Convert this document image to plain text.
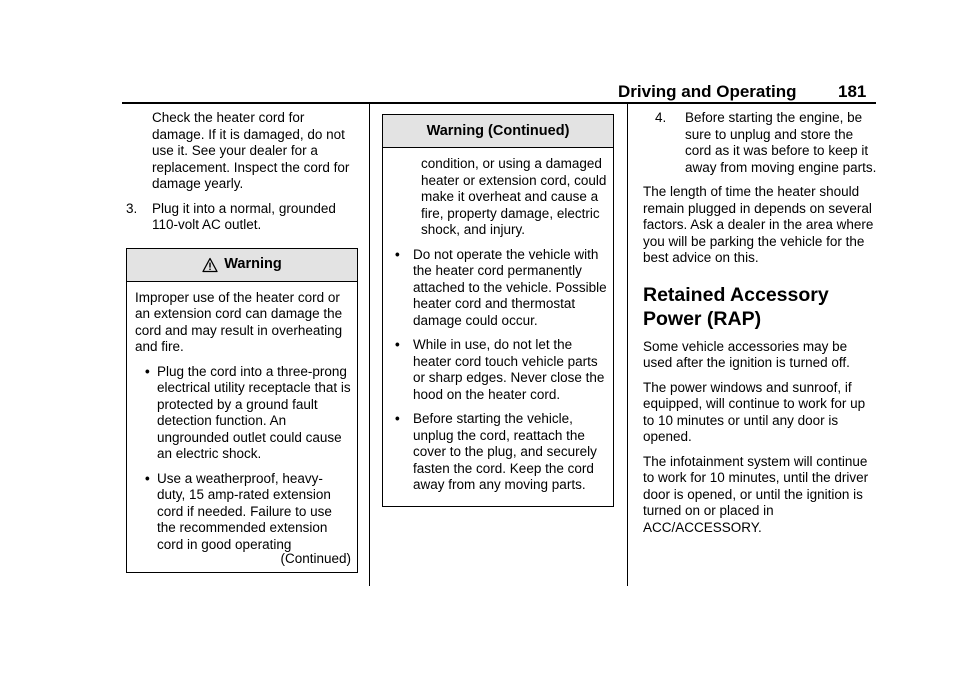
Driving and Operating 181

Check the heater cord for damage. If it is damaged, do not use it. See your dealer for a replacement. Inspect the cord for damage yearly.

3.	Plug it into a normal, grounded 110-volt AC outlet.
Warning

Improper use of the heater cord or an extension cord can damage the cord and may result in overheating and fire.

• Plug the cord into a three-prong electrical utility receptacle that is protected by a ground fault detection function. An ungrounded outlet could cause an electric shock.
• Use a weatherproof, heavy-duty, 15 amp-rated extension cord if needed. Failure to use the recommended extension cord in good operating
(Continued)
Warning (Continued)
condition, or using a damaged heater or extension cord, could make it overheat and cause a fire, property damage, electric shock, and injury.
• Do not operate the vehicle with the heater cord permanently attached to the vehicle. Possible heater cord and thermostat damage could occur.
• While in use, do not let the heater cord touch vehicle parts or sharp edges. Never close the hood on the heater cord.
• Before starting the vehicle, unplug the cord, reattach the cover to the plug, and securely fasten the cord. Keep the cord away from any moving parts.
4.	Before starting the engine, be sure to unplug and store the cord as it was before to keep it away from moving engine parts.

The length of time the heater should remain plugged in depends on several factors. Ask a dealer in the area where you will be parking the vehicle for the best advice on this.

Retained Accessory Power (RAP)

Some vehicle accessories may be used after the ignition is turned off.

The power windows and sunroof, if equipped, will continue to work for up to 10 minutes or until any door is opened.

The infotainment system will continue to work for 10 minutes, until the driver door is opened, or until the ignition is turned on or placed in ACC/ACCESSORY.
